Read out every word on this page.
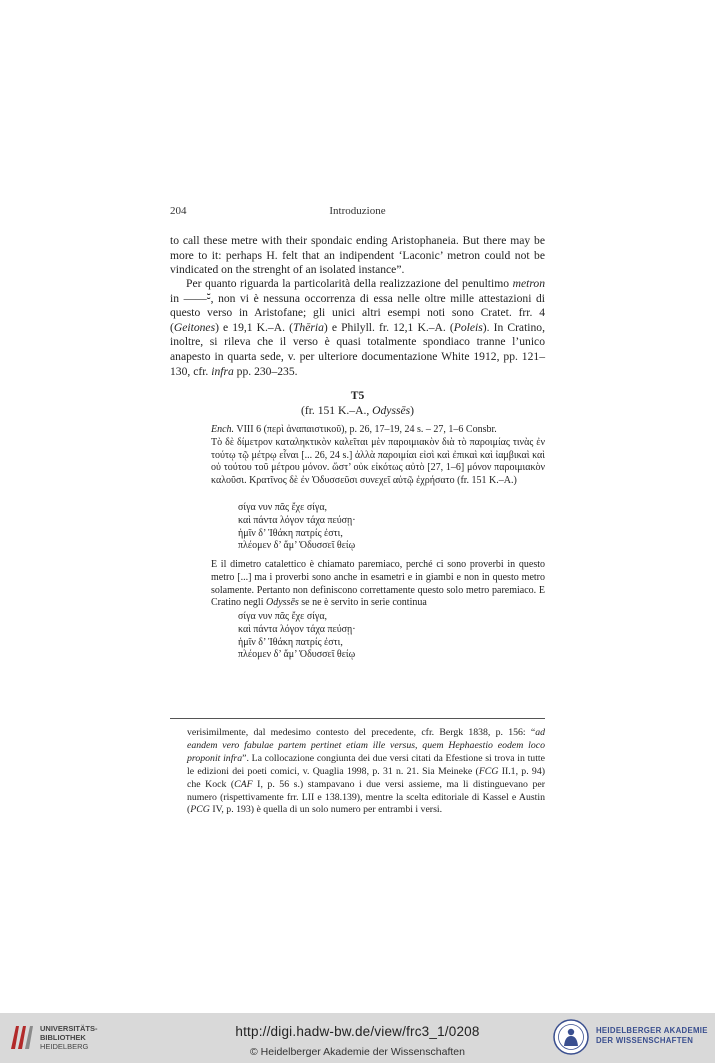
204	Introduzione

to call these metre with their spondaic ending Aristophaneia. But there may be more to it: perhaps H. felt that an indipendent ‘Laconic’ metron could not be vindicated on the strenght of an isolated instance”.

Per quanto riguarda la particolarità della realizzazione del penultimo metron in ——⏑̆, non vi è nessuna occorrenza di essa nelle oltre mille attestazioni di questo verso in Aristofane; gli unici altri esempi noti sono Cratet. frr. 4 (Geitones) e 19,1 K.–A. (Thēria) e Philyll. fr. 12,1 K.–A. (Poleis). In Cratino, inoltre, si rileva che il verso è quasi totalmente spondiaco tranne l’unico anapesto in quarta sede, v. per ulteriore documentazione White 1912, pp. 121–130, cfr. infra pp. 230–235.

T5
(fr. 151 K.–A., Odyssēs)
Ench. VIII 6 (περὶ ἀναπαιστικοῦ), p. 26, 17–19, 24 s. – 27, 1–6 Consbr.
Τὸ δὲ δίμετρον καταληκτικὸν καλεῖται μὲν παροιμιακὸν διὰ τὸ παροιμίας τινὰς ἐν τούτῳ τῷ μέτρῳ εἶναι [... 26, 24 s.] ἀλλὰ παροιμίαι εἰσὶ καὶ ἐπικαὶ καὶ ἰαμβικαὶ καὶ οὐ τούτου τοῦ μέτρου μόνον. ὥστ’ οὐκ εἰκότως αὐτὸ [27, 1–6] μόνον παροιμιακὸν καλοῦσι. Κρατῖνος δὲ ἐν Ὀδυσσεῦσι συνεχεῖ αὐτῷ ἐχρήσατο (fr. 151 K.–A.)
σίγα νυν πᾶς ἔχε σίγα,
καὶ πάντα λόγον τάχα πεύσῃ·
ἡμῖν δ’ Ἰθάκη πατρίς ἐστι,
πλέομεν δ’ ἅμ’ Ὀδυσσεῖ θείῳ
E il dimetro catalettico è chiamato paremiaco, perché ci sono proverbi in questo metro [...] ma i proverbi sono anche in esametri e in giambi e non in questo metro solamente. Pertanto non definiscono correttamente questo solo metro paremiaco. E Cratino negli Odyssēs se ne è servito in serie continua
σίγα νυν πᾶς ἔχε σίγα,
καὶ πάντα λόγον τάχα πεύσῃ·
ἡμῖν δ’ Ἰθάκη πατρίς ἐστι,
πλέομεν δ’ ἅμ’ Ὀδυσσεῖ θείῳ
verisimilmente, dal medesimo contesto del precedente, cfr. Bergk 1838, p. 156: “ad eandem vero fabulae partem pertinet etiam ille versus, quem Hephaestio eodem loco proponit infra”. La collocazione congiunta dei due versi citati da Efestione si trova in tutte le edizioni dei poeti comici, v. Quaglia 1998, p. 31 n. 21. Sia Meineke (FCG II.1, p. 94) che Kock (CAF I, p. 56 s.) stampavano i due versi assieme, ma li distinguevano per numero (rispettivamente frr. LII e 138.139), mentre la scelta editoriale di Kassel e Austin (PCG IV, p. 193) è quella di un solo numero per entrambi i versi.
UNIVERSITÄTS-
BIBLIOTHEK
HEIDELBERG
http://digi.hadw-bw.de/view/frc3_1/0208
© Heidelberger Akademie der Wissenschaften
HEIDELBERGER AKADEMIE
DER WISSENSCHAFTEN
